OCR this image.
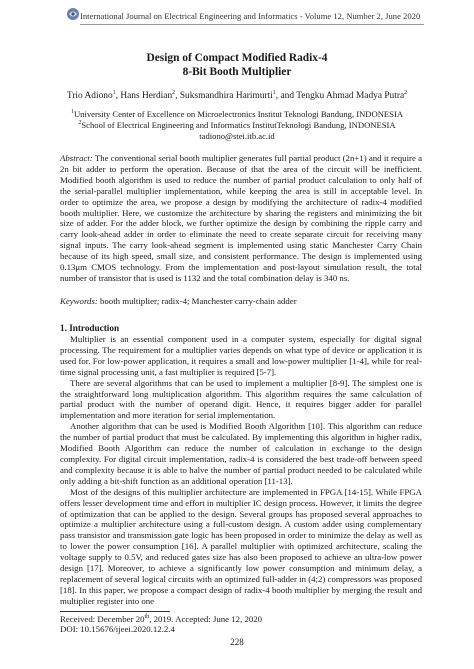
International Journal on Electrical Engineering and Informatics - Volume 12, Number 2, June 2020
Design of Compact Modified Radix-4
8-Bit Booth Multiplier
Trio Adiono$^1$, Hans Herdian$^2$, Suksmandhira Harimurti$^1$, and Tengku Ahmad Madya Putra$^2$
$^1$University Center of Excellence on Microelectronics Institut Teknologi Bandung, INDONESIA
$^2$School of Electrical Engineering and Informatics InstitutTeknologi Bandung, INDONESIA
tadiono@stei.itb.ac.id

Abstract: The conventional serial booth multiplier generates full partial product (2n+1) and it require a 2n bit adder to perform the operation. Because of that the area of the circuit will be inefficient. Modified booth algorithm is used to reduce the number of partial product calculation to only half of the serial-parallel multiplier implementation, while keeping the area is still in acceptable level. In order to optimize the area, we propose a design by modifying the architecture of radix-4 modified booth multiplier. Here, we customize the architecture by sharing the registers and minimizing the bit size of adder. For the adder block, we further optimize the design by combining the ripple carry and carry look-ahead adder in order to eliminate the need to create separate circuit for receiving many signal inputs. The carry look-ahead segment is implemented using static Manchester Carry Chain because of its high speed, small size, and consistent performance. The design is implemented using 0.13μm CMOS technology. From the implementation and post-layout simulation result, the total number of transistor that is used is 1132 and the total combination delay is 340 ns.

Keywords: booth multiplier; radix-4; Manchester carry-chain adder

1. Introduction

Multiplier is an essential component used in a computer system, especially for digital signal processing. The requirement for a multiplier varies depends on what type of device or application it is used for. For low-power application, it requires a small and low-power multiplier [1-4], while for real-time signal processing unit, a fast multiplier is required [5-7].

There are several algorithms that can be used to implement a multiplier [8-9]. The simplest one is the straightforward long multiplication algorithm. This algorithm requires the same calculation of partial product with the number of operand digit. Hence, it requires bigger adder for parallel implementation and more iteration for serial implementation.

Another algorithm that can be used is Modified Booth Algorithm [10]. This algorithm can reduce the number of partial product that must be calculated. By implementing this algorithm in higher radix, Modified Booth Algorithm can reduce the number of calculation in exchange to the design complexity. For digital circuit implementation, radix-4 is considered the best trade-off between speed and complexity because it is able to halve the number of partial product needed to be calculated while only adding a bit-shift function as an additional operation [11-13].

Most of the designs of this multiplier architecture are implemented in FPGA [14-15]. While FPGA offers lesser development time and effort in multiplier IC design process. However, it limits the degree of optimization that can be applied to the design. Several groups has proposed several approaches to optimize a multiplier architecture using a full-custom design. A custom adder using complementary pass transistor and transmission gate logic has been proposed in order to minimize the delay as well as to lower the power consumption [16]. A parallel multiplier with optimized architecture, scaling the voltage supply to 0.5V, and reduced gates size has also been proposed to achieve an ultra-low power design [17]. Moreover, to achieve a significantly low power consumption and minimum delay, a replacement of several logical circuits with an optimized full-adder in (4;2) compressors was proposed [18]. In this paper, we propose a compact design of radix-4 booth multiplier by merging the result and multiplier register into one

Received: December 20th, 2019. Accepted: June 12, 2020
DOI: 10.15676/ijeei.2020.12.2.4
228
